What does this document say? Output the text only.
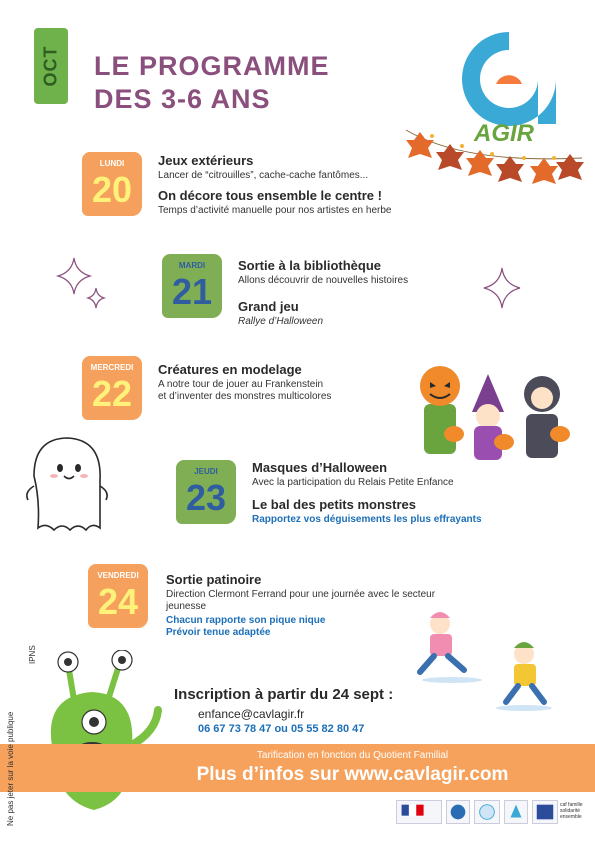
OCT LE PROGRAMME
DES 3-6 ANS
AGIR
LUNDI
20
Jeux extérieurs
Lancer de “citrouilles”, cache-cache fantômes...
On décore tous ensemble le centre !
Temps d’activité manuelle pour nos artistes en herbe
MARDI
21
Sortie à la bibliothèque
Allons découvrir de nouvelles histoires
Grand jeu
Rallye d’Halloween
MERCREDI
22
Créatures en modelage
A notre tour de jouer au Frankenstein
et d’inventer des monstres multicolores
JEUDI
23
Masques d’Halloween
Avec la participation du Relais Petite Enfance
Le bal des petits monstres
Rapportez vos déguisements les plus effrayants
VENDREDI
24
Sortie patinoire
Direction Clermont Ferrand pour une journée avec le secteur
jeunesse
Chacun rapporte son pique nique
Prévoir tenue adaptée
Inscription à partir du 24 sept :
enfance@cavlagir.fr
06 67 73 78 47 ou 05 55 82 80 47
Tarification en fonction du Quotient Familial
Plus d’infos sur www.cavlagir.com
Ne pas jeter sur la voie publique
IPNS
caf famille solidarité ensemble
